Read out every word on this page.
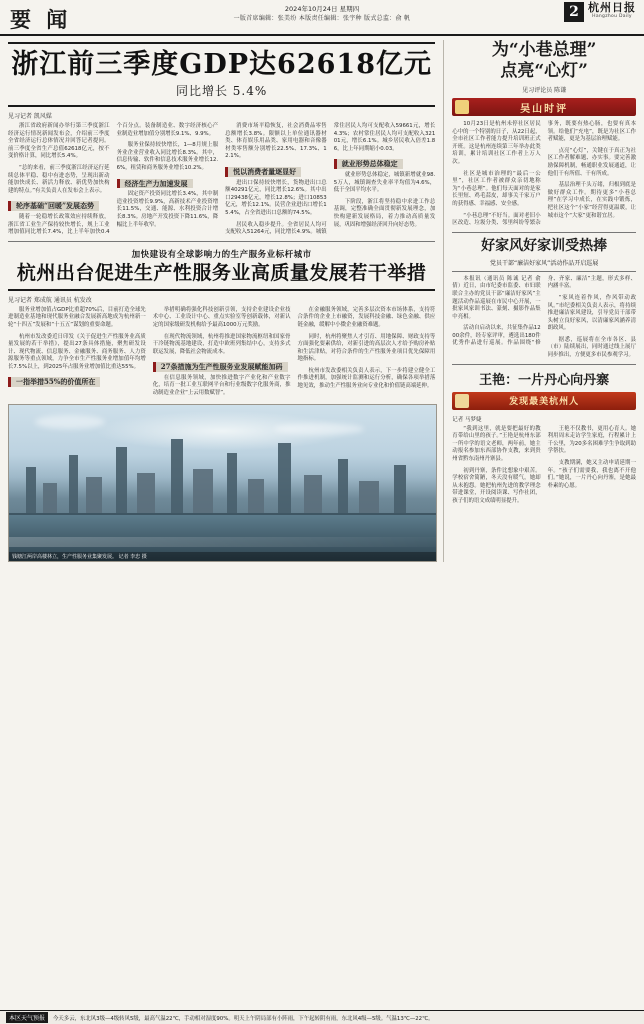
要 闻	2024年10月24日 星期四
一版首席编辑：张美纷 本版责任编辑：张宇种 版式总监：俞 帆	2 杭州日报
Hangzhou Daily
浙江前三季度GDP达62618亿元
同比增长 5.4%
见习记者 凯风媒

浙江省政府新闻办举行第三季度浙江经济运行情况新闻发布会，介绍前三季度全省经济运行总体情况并回答记者提问。前三季度全省生产总值62618亿元，按不变价格计算，同比增长5.4%。

“总的来看，前三季度浙江经济运行延续总体平稳、稳中有进态势，呈现出新动能加快成长、新活力释放、新优势加快构建的特点。”有关负责人在发布会上表示。

轮序基础“回暖”发展态势

随着一轮稳增长政策效应持续释放，浙江省工业生产保持较快增长，规上工业增加值同比增长7.4%，比上半年加快0.4个百分点。装备制造业、数字经济核心产业制造业增加值分别增长9.1%、9.9%。

服务业保持较快增长，1—8月规上服务业企业营业收入同比增长8.3%。其中，信息传输、软件和信息技术服务业增长12.6%，租赁和商务服务业增长10.2%。

经济生产力加速发展

固定资产投资同比增长3.4%，其中制造业投资增长9.9%，高新技术产业投资增长11.5%，交通、能源、水利投资合计增长8.3%。房地产开发投资下降11.6%，降幅比上半年收窄。

消费市场平稳恢复，社会消费品零售总额增长3.8%。限额以上单位通讯器材类、体育娱乐用品类、家用电器和音像器材类零售额分别增长22.5%、17.3%、12.1%。

悦以消费者量逐显好

进出口保持较快增长，货物进出口总额40291亿元，同比增长12.6%。其中出口29438亿元，增长12.8%；进口10853亿元，增长12.1%。民营企业进出口增长15.4%，占全省进出口总额的74.5%。

居民收入稳步提升。全省居民人均可支配收入51264元，同比增长4.9%。城镇常住居民人均可支配收入59661元，增长4.3%；农村常住居民人均可支配收入32101元，增长6.1%。城乡居民收入倍差1.86，比上年同期缩小0.03。

就业形势总体稳定

就业形势总体稳定，城镇新增就业98.5万人，城镇调查失业率平均值为4.6%，低于全国平均水平。

下阶段，浙江将坚持稳中求进工作总基调，完整准确全面贯彻新发展理念，加快构建新发展格局，着力推动高质量发展，巩固和增强经济回升向好态势。

加快建设有全球影响力的生产服务业标杆城市
杭州出台促进生产性服务业高质量发展若干举措
见习记者 郑成航 通讯员 杭发改

服务业增加值占GDP比重超70%后，目前打造全球先进制造业基地和现代服务业融合发展新高地成为杭州新一轮“十四五”发展和“十五五”谋划的重要命题。

杭州市发改委近日印发《关于促进生产性服务业高质量发展的若干举措》，提出27条具体措施，聚焦研发设计、现代物流、信息服务、金融服务、商务服务、人力资源服务等重点领域，力争全市生产性服务业增加值年均增长7.5%以上，到2025年占服务业增加值比重达55%。

一指举措55%的价值所在

举措明确将强化科技创新引领，支持企业建设企业技术中心、工业设计中心、重点实验室等创新载体，对新认定的国家级研发机构给予最高1000万元奖励。

在现代物流领域，杭州将推进国家物流枢纽和国家骨干冷链物流基地建设，打造中欧班列集结中心，支持多式联运发展，降低社会物流成本。

27条措施为生产性服务业发展赋能加码

在信息服务领域，加快推进数字产业化和产业数字化，培育一批工业互联网平台和行业级数字化服务商，推动制造业企业“上云用数赋智”。

在金融服务领域，完善多层次资本市场体系，支持符合条件的企业上市融资，发展科技金融、绿色金融、供应链金融，缓解中小微企业融资难题。

同时，杭州将聚焦人才引育、用地保障、财政支持等方面强化要素供给，对新引进的高层次人才给予购房补贴和生活津贴，对符合条件的生产性服务业项目优先保障用地指标。

杭州市发改委相关负责人表示，下一步将建立健全工作推进机制，加强统计监测和运行分析，确保各项举措落地见效，推动生产性服务业向专业化和价值链高端延伸。

钱塘江两岸高楼林立，生产性服务业集聚发展。 记者 李忠 摄
为“小巷总理”
点亮“心灯”
见习评论员 陈谦
吴山时评

10月23日是杭州未停社区居民心中的一个特别的日子，从22日起，全市社区工作者能力提升培训班正式开班。这是杭州连续第三年举办此类培训，累计培训社区工作者上万人次。

社区是城市治理的“最后一公里”，社区工作者被群众亲切地称为“小巷总理”。他们每天面对的是家长里短、鸡毛蒜皮，却事关千家万户的获得感、幸福感、安全感。

“小巷总理”不好当。面对老旧小区改造、垃圾分类、邻里纠纷等繁杂事务，既要有热心肠，也要有真本领。给他们“充电”，既是为社区工作者赋能，更是为基层治理赋能。

点亮“心灯”，关键在于真正为社区工作者解难题、办实事。要完善激励保障机制，畅通职业发展通道，让他们干有所值、干有所成。

基层治理千头万绪，归根到底是做好群众工作。期待更多“小巷总理”在学习中成长，在实践中锻炼，把社区这个“小家”经营得更温暖，让城市这个“大家”更和谐宜居。

好家风好家训受热捧
党员干部“廉洁好家风”活动作品开启巡展

本报讯（通讯员 陈诚 记者 俞倩）近日，由市纪委市监委、市妇联联合主办的党员干部“廉洁好家风”主题活动作品巡展在市民中心开展，一批家风家训书法、篆刻、摄影作品集中亮相。

活动自启动以来，共征集作品1200余件，经专家评审，遴选出180件优秀作品进行巡展。作品围绕“修身、齐家、廉洁”主题，形式多样、内涵丰富。

“家风连着作风，作风带动政风。”市纪委相关负责人表示，将持续推进廉洁家风建设，引导党员干部带头树立良好家风，以清廉家风涵养清朗政风。

据悉，巡展将在全市各区、县（市）陆续展出，同时通过线上展厅同步推出，方便更多市民参观学习。

王艳：一片丹心向丹寨
发现最美杭州人
记者 马梦婕

“我到这里，就是要把最好的教育带给山里的孩子。”王艳是杭州东部一所中学的语文老师，两年前，她主动报名参加东西部协作支教，来到贵州省黔东南州丹寨县。

初到丹寨，条件比想象中艰苦。学校宿舍简陋，冬天没有暖气，她却从未抱怨。她把杭州先进的教学理念带进课堂，开设阅读课、写作社团，孩子们的语文成绩明显提升。

王艳不仅教书，更用心育人。她利用周末走访学生家庭，行程累计上千公里，为20多名困难学生争取到助学帮扶。

支教期满，她又主动申请延期一年。“孩子们需要我，我也离不开他们。”她说，一片丹心向丹寨，是她最朴素的心愿。

本区天气预报	今天多云，东北风3级—4级转风5级，最高气温22℃，手动相对湿度90%。明天上午阴局部有小阵雨，下午起转阴有雨，东北风4级—5级。气温13℃—22℃。
